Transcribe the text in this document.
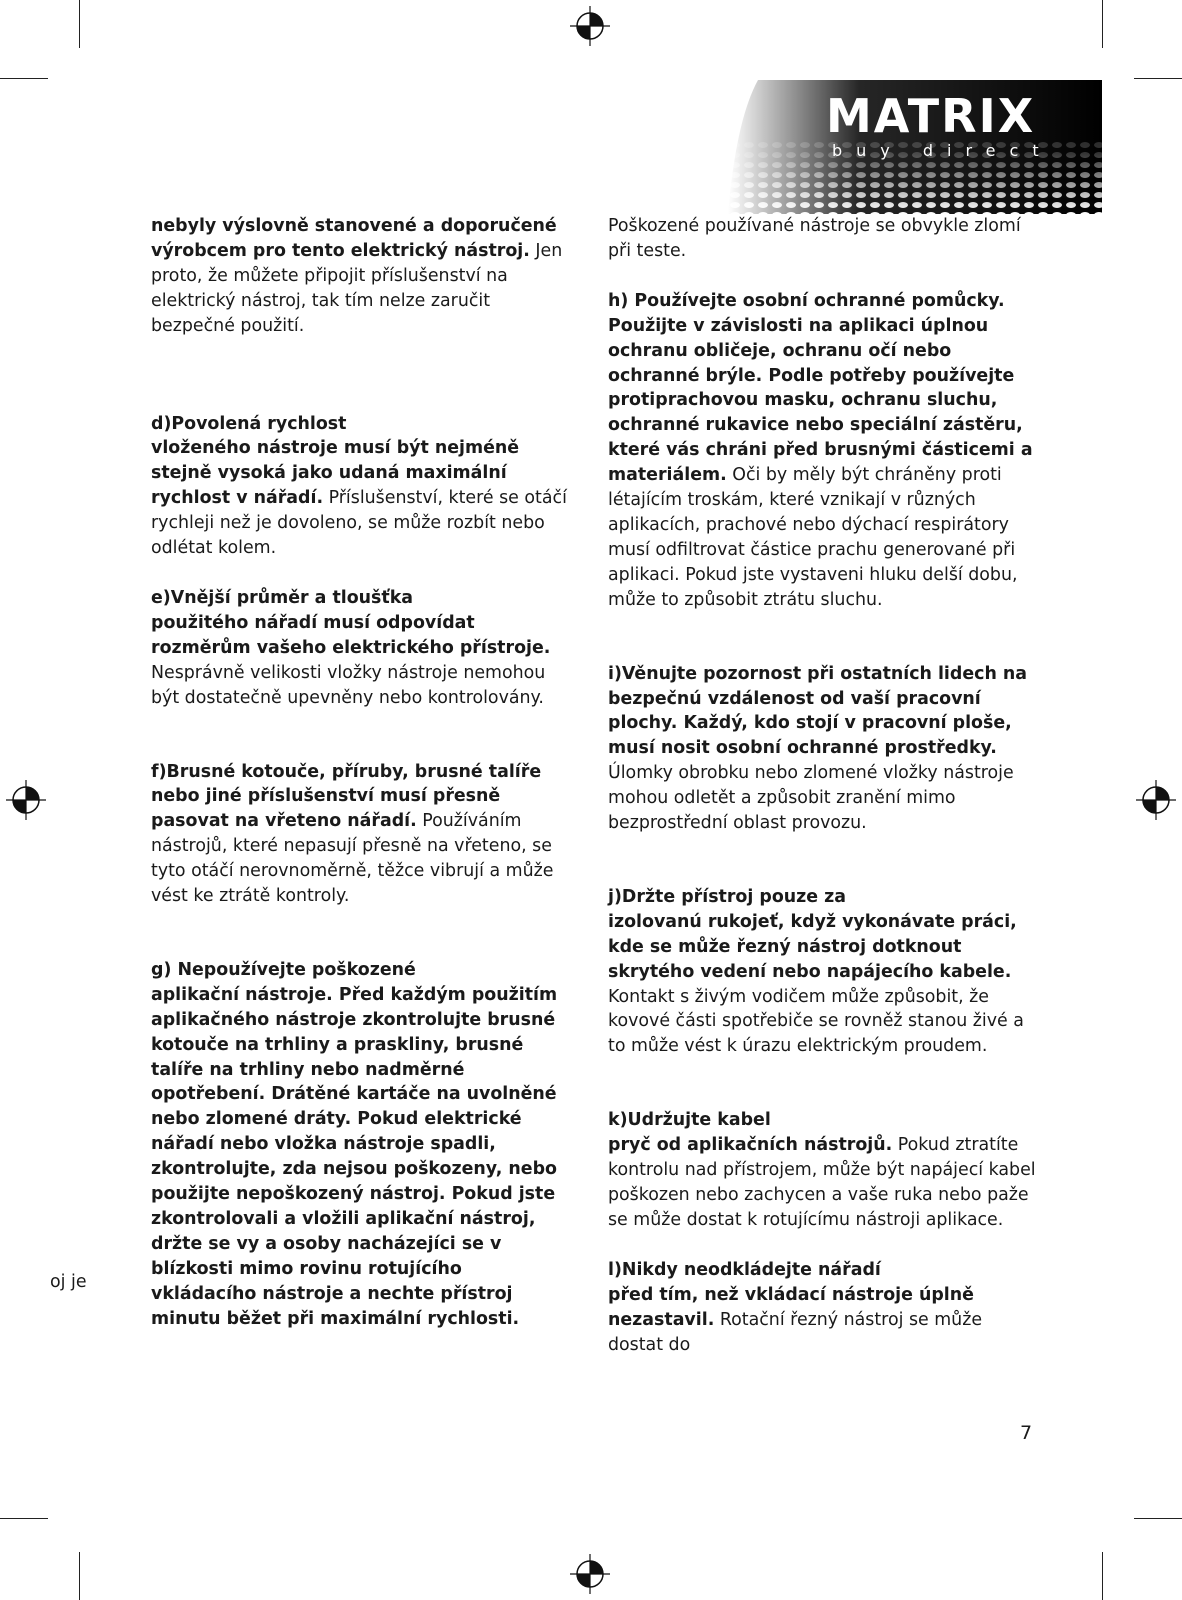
MATRIX
buy direct

nebyly výslovně stanovené a doporučené výrobcem pro tento elektrický nástroj. Jen proto, že můžete připojit příslušenství na elektrický nástroj, tak tím nelze zaručit bezpečné použití.

d)Povolená rychlost
vloženého nástroje musí být nejméně stejně vysoká jako udaná maximální rychlost v nářadí. Příslušenství, které se otáčí rychleji než je dovoleno, se může rozbít nebo odlétat kolem.

e)Vnější průměr a tloušťka
použitého nářadí musí odpovídat rozměrům vašeho elektrického přístroje. Nesprávně velikosti vložky nástroje nemohou být dostatečně upevněny nebo kontrolovány.

f)Brusné kotouče, příruby, brusné talíře nebo jiné příslušenství musí přesně pasovat na vřeteno nářadí. Používáním nástrojů, které nepasují přesně na vřeteno, se tyto otáčí nerovnoměrně, těžce vibrují a může vést ke ztrátě kontroly.

g) Nepoužívejte poškozené
aplikační nástroje. Před každým použitím aplikačného nástroje zkontrolujte brusné kotouče na trhliny a praskliny, brusné talíře na trhliny nebo nadměrné opotřebení. Drátěné kartáče na uvolněné nebo zlomené dráty. Pokud elektrické nářadí nebo vložka nástroje spadli, zkontrolujte, zda nejsou poškozeny, nebo použijte nepoškozený nástroj. Pokud jste zkontrolovali a vložili aplikační nástroj, držte se vy a osoby nacházejíci se v blízkosti mimo rovinu rotujícího vkládacího nástroje a nechte přístroj minutu běžet při maximální rychlosti.

Poškozené používané nástroje se obvykle zlomí při teste.

h) Používejte osobní ochranné pomůcky. Použijte v závislosti na aplikaci úplnou ochranu obličeje, ochranu očí nebo ochranné brýle. Podle potřeby používejte protiprachovou masku, ochranu sluchu, ochranné rukavice nebo speciální zástěru, které vás chráni před brusnými částicemi a materiálem. Oči by měly být chráněny proti létajícím troskám, které vznikají v různých aplikacích, prachové nebo dýchací respirátory musí odfiltrovat částice prachu generované při aplikaci. Pokud jste vystaveni hluku delší dobu, může to způsobit ztrátu sluchu.

i)Věnujte pozornost při ostatních lidech na bezpečnú vzdálenost od vaší pracovní plochy. Každý, kdo stojí v pracovní ploše, musí nosit osobní ochranné prostředky. Úlomky obrobku nebo zlomené vložky nástroje mohou odletět a způsobit zranění mimo bezprostřední oblast provozu.

j)Držte přístroj pouze za
izolovanú rukojeť, když vykonávate práci, kde se může řezný nástroj dotknout skrytého vedení nebo napájecího kabele. Kontakt s živým vodičem může způsobit, že kovové části spotřebiče se rovněž stanou živé a to může vést k úrazu elektrickým proudem.

k)Udržujte kabel
pryč od aplikačních nástrojů. Pokud ztratíte kontrolu nad přístrojem, může být napájecí kabel poškozen nebo zachycen a vaše ruka nebo paže se může dostat k rotujícímu nástroji aplikace.

l)Nikdy neodkládejte nářadí
před tím, než vkládací nástroje úplně nezastavil. Rotační řezný nástroj se může dostat do

oj je
7
